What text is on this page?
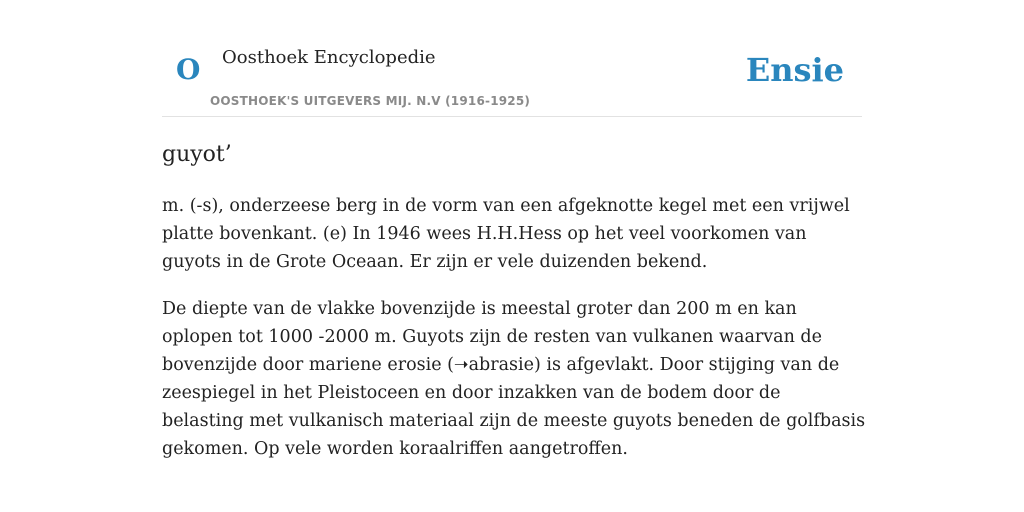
O Oosthoek Encyclopedie
OOSTHOEK'S UITGEVERS MIJ. N.V (1916-1925)
Ensie
guyot’

m. (-s), onderzeese berg in de vorm van een afgeknotte kegel met een vrijwel platte bovenkant. (e) In 1946 wees H.H.Hess op het veel voorkomen van guyots in de Grote Oceaan. Er zijn er vele duizenden bekend.

De diepte van de vlakke bovenzijde is meestal groter dan 200 m en kan oplopen tot 1000 -2000 m. Guyots zijn de resten van vulkanen waarvan de bovenzijde door mariene erosie (➝abrasie) is afgevlakt. Door stijging van de zeespiegel in het Pleistoceen en door inzakken van de bodem door de belasting met vulkanisch materiaal zijn de meeste guyots beneden de golfbasis gekomen. Op vele worden koraalriffen aangetroffen.
